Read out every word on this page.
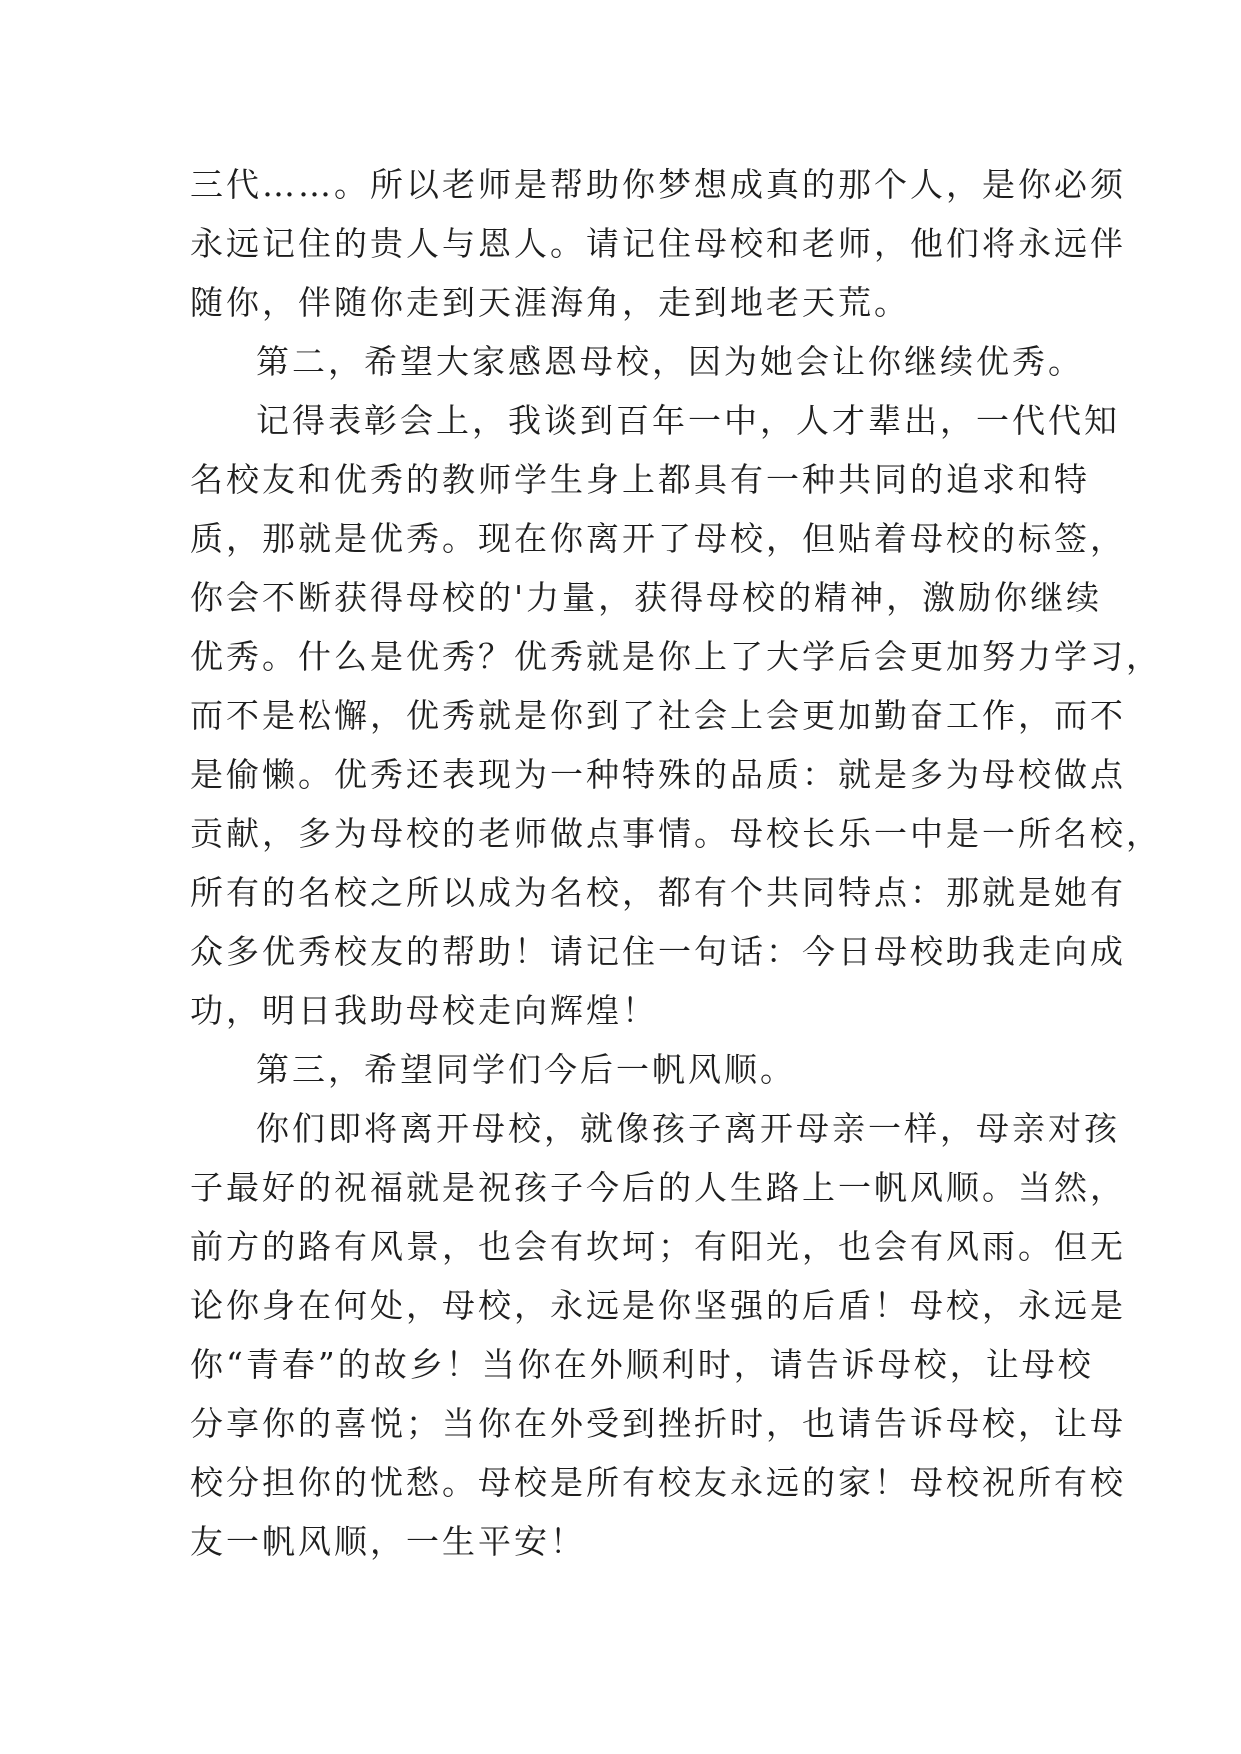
三代……。所以老师是帮助你梦想成真的那个人，是你必须
永远记住的贵人与恩人。请记住母校和老师，他们将永远伴
随你，伴随你走到天涯海角，走到地老天荒。
第二，希望大家感恩母校，因为她会让你继续优秀。
记得表彰会上，我谈到百年一中，人才辈出，一代代知
名校友和优秀的教师学生身上都具有一种共同的追求和特
质，那就是优秀。现在你离开了母校，但贴着母校的标签，
你会不断获得母校的'力量，获得母校的精神，激励你继续
优秀。什么是优秀？优秀就是你上了大学后会更加努力学习，
而不是松懈，优秀就是你到了社会上会更加勤奋工作，而不
是偷懒。优秀还表现为一种特殊的品质：就是多为母校做点
贡献，多为母校的老师做点事情。母校长乐一中是一所名校，
所有的名校之所以成为名校，都有个共同特点：那就是她有
众多优秀校友的帮助！请记住一句话：今日母校助我走向成
功，明日我助母校走向辉煌！
第三，希望同学们今后一帆风顺。
你们即将离开母校，就像孩子离开母亲一样，母亲对孩
子最好的祝福就是祝孩子今后的人生路上一帆风顺。当然，
前方的路有风景，也会有坎坷；有阳光，也会有风雨。但无
论你身在何处，母校，永远是你坚强的后盾！母校，永远是
你“青春”的故乡！当你在外顺利时，请告诉母校，让母校
分享你的喜悦；当你在外受到挫折时，也请告诉母校，让母
校分担你的忧愁。母校是所有校友永远的家！母校祝所有校
友一帆风顺，一生平安！
